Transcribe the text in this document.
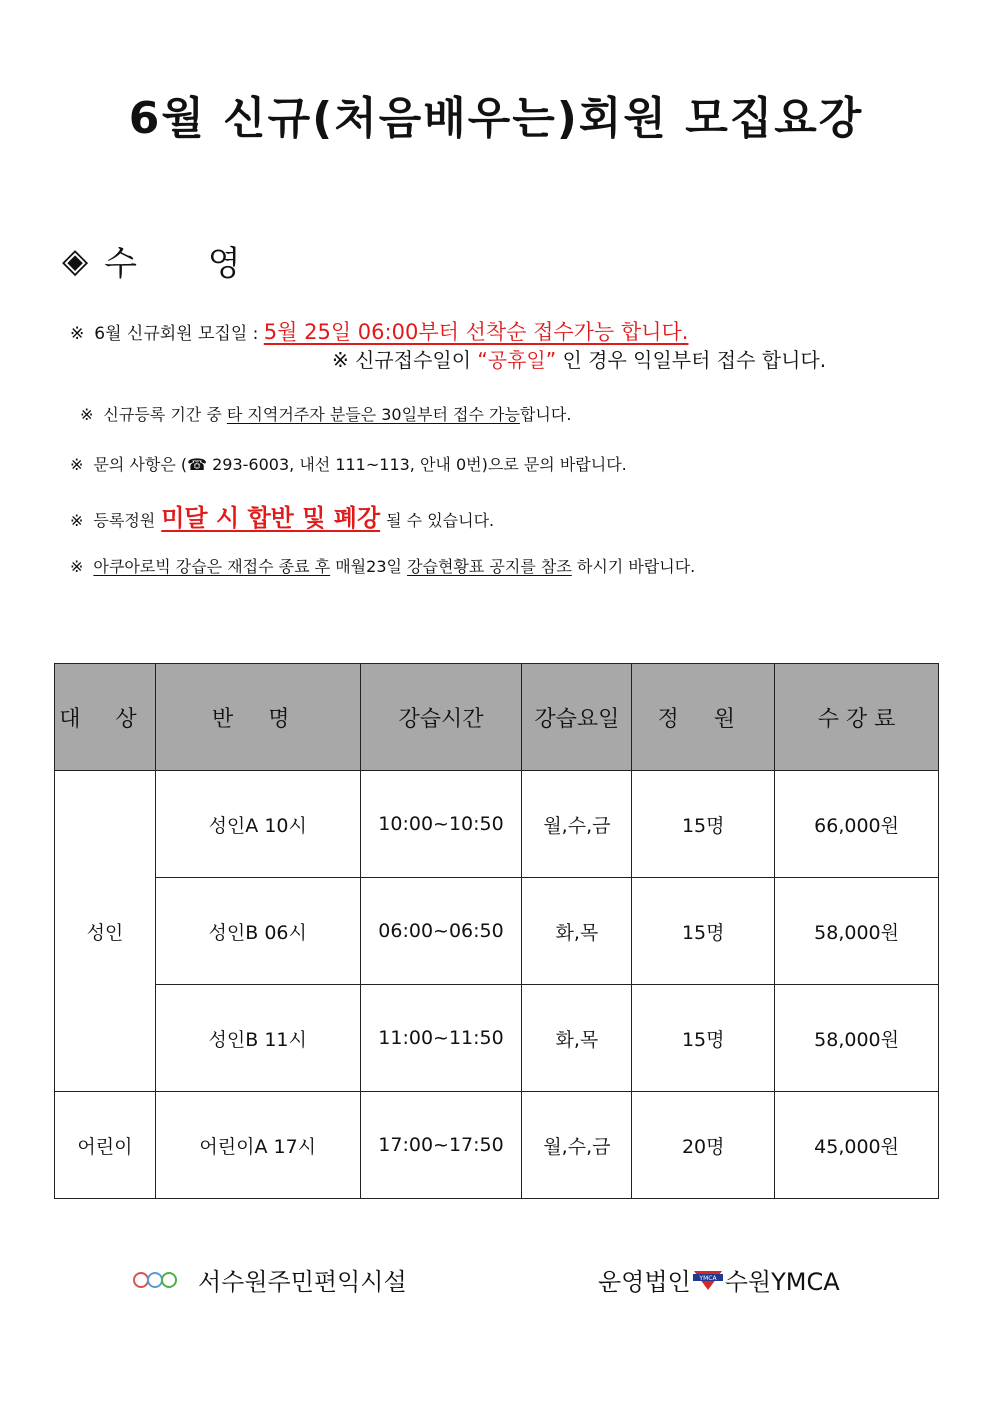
6월 신규(처음배우는)회원 모집요강
◈ 수 영
※ 6월 신규회원 모집일 : 5월 25일 06:00부터 선착순 접수가능 합니다.
※ 신규접수일이 “공휴일” 인 경우 익일부터 접수 합니다.
※ 신규등록 기간 중 타 지역거주자 분들은 30일부터 접수 가능합니다.
※ 문의 사항은 (☎ 293-6003, 내선 111~113, 안내 0번)으로 문의 바랍니다.
※ 등록정원 미달 시 합반 및 폐강 될 수 있습니다.
※ 아쿠아로빅 강습은 재접수 종료 후 매월23일 강습현황표 공지를 참조 하시기 바랍니다.
대 상	반 명	강습시간	강습요일	정 원	수 강 료
성인	성인A 10시	10:00~10:50	월,수,금	15명	66,000원
	성인B 06시	06:00~06:50	화,목	15명	58,000원
	성인B 11시	11:00~11:50	화,목	15명	58,000원
어린이	어린이A 17시	17:00~17:50	월,수,금	20명	45,000원
서수원주민편익시설	운영법인 YMCA 수원YMCA
